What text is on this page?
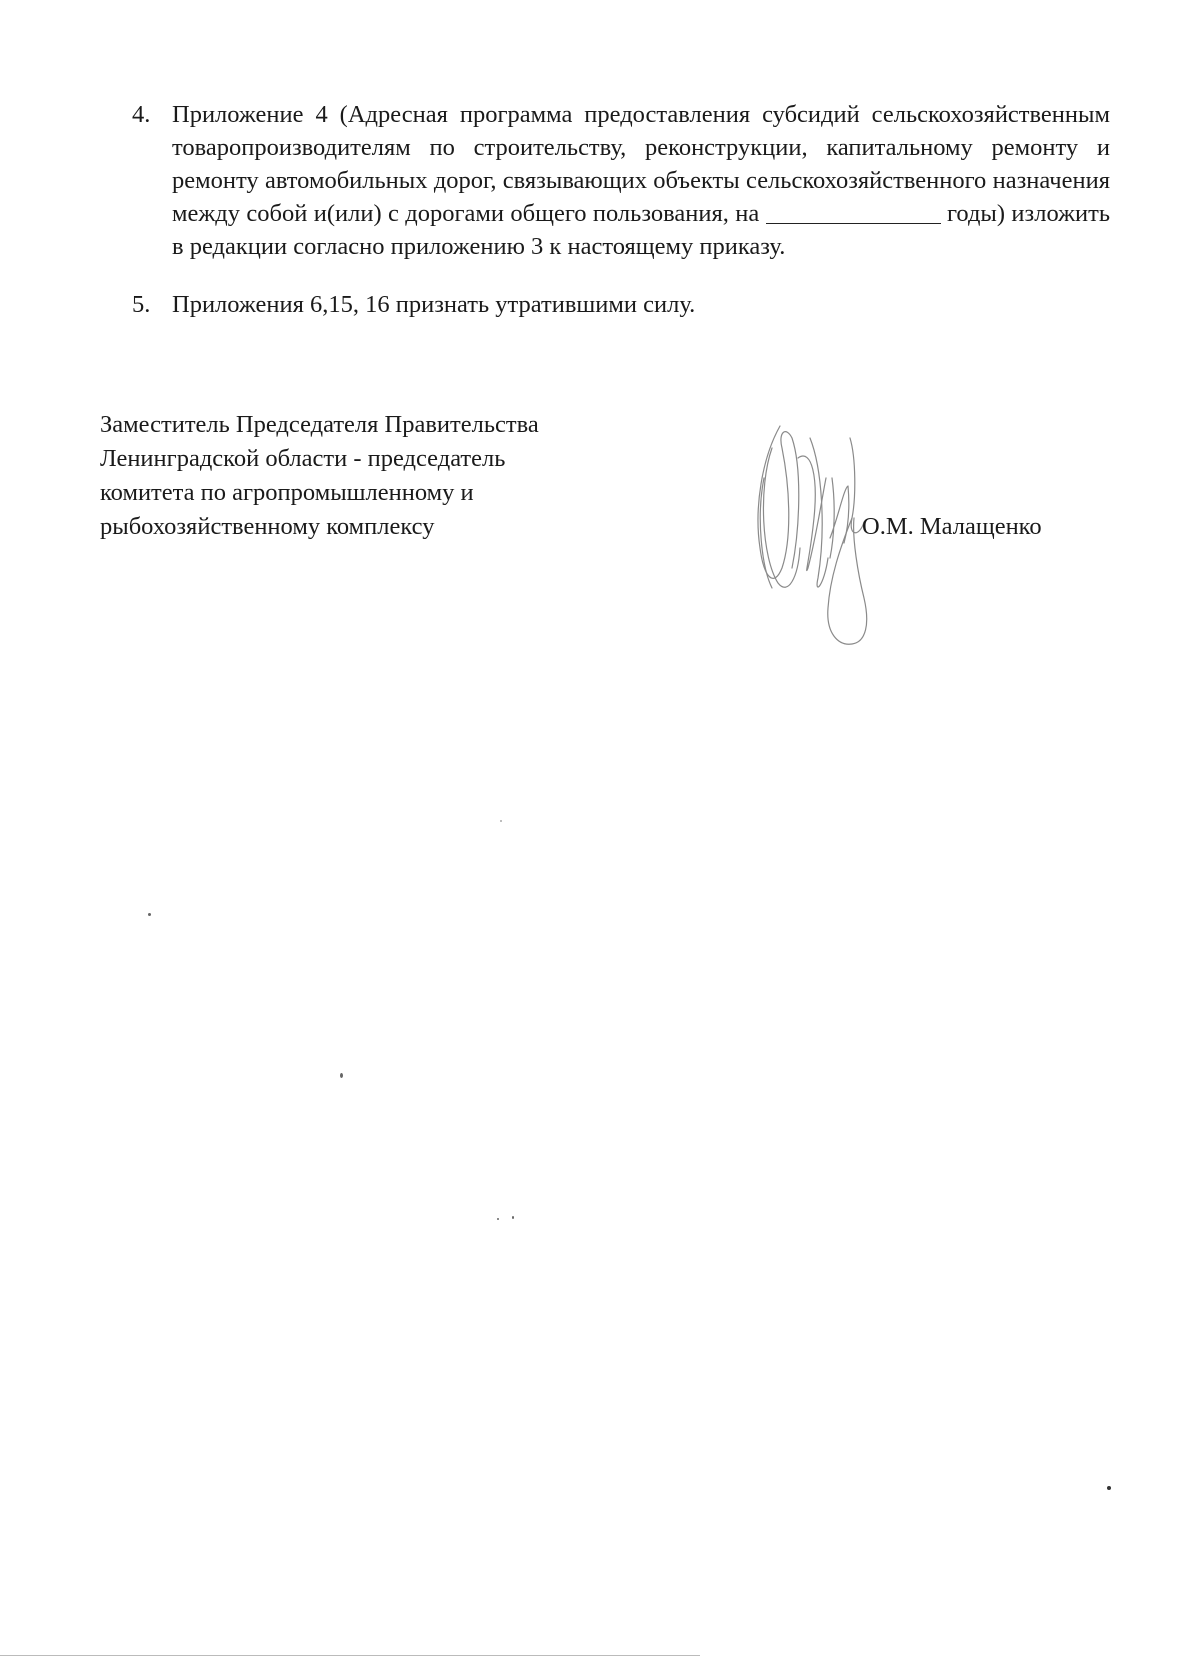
4. Приложение 4 (Адресная программа предоставления субсидий сельскохозяйственным товаропроизводителям по строительству, реконструкции, капитальному ремонту и ремонту автомобильных дорог, связывающих объекты сельскохозяйственного назначения между собой и(или) с дорогами общего пользования, на	годы) изложить в редакции согласно приложению 3 к настоящему приказу.
5. Приложения 6,15, 16 признать утратившими силу.
Заместитель Председателя Правительства
Ленинградской области - председатель
комитета по агропромышленному и
рыбохозяйственному комплексу	О.М. Малащенко
